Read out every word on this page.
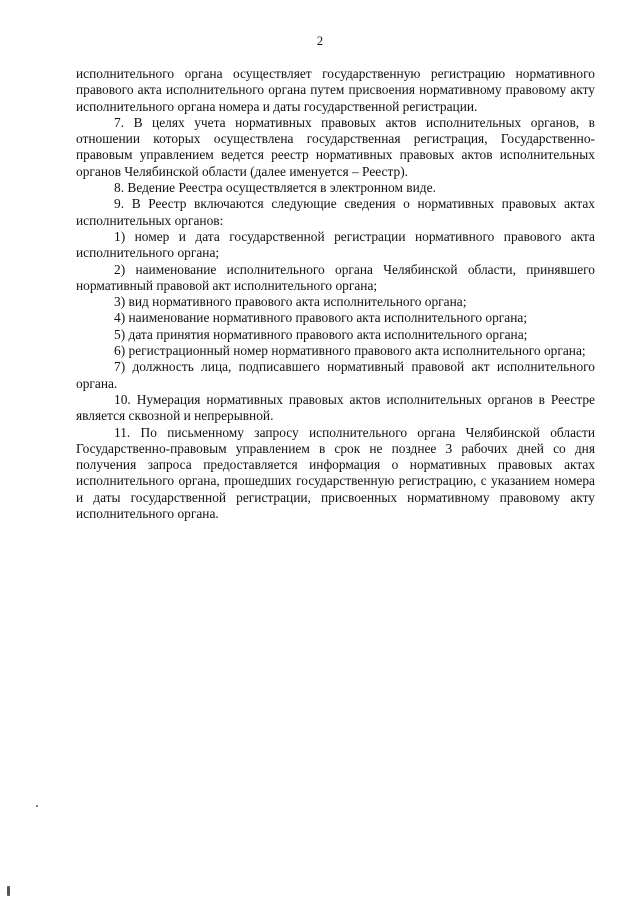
2

исполнительного органа осуществляет государственную регистрацию нормативного правового акта исполнительного органа путем присвоения нормативному правовому акту исполнительного органа номера и даты государственной регистрации.

7. В целях учета нормативных правовых актов исполнительных органов, в отношении которых осуществлена государственная регистрация, Государственно-правовым управлением ведется реестр нормативных правовых актов исполнительных органов Челябинской области (далее именуется – Реестр).

8. Ведение Реестра осуществляется в электронном виде.

9. В Реестр включаются следующие сведения о нормативных правовых актах исполнительных органов:

1) номер и дата государственной регистрации нормативного правового акта исполнительного органа;

2) наименование исполнительного органа Челябинской области, принявшего нормативный правовой акт исполнительного органа;

3) вид нормативного правового акта исполнительного органа;

4) наименование нормативного правового акта исполнительного органа;

5) дата принятия нормативного правового акта исполнительного органа;

6) регистрационный номер нормативного правового акта исполнительного органа;

7) должность лица, подписавшего нормативный правовой акт исполнительного органа.

10. Нумерация нормативных правовых актов исполнительных органов в Реестре является сквозной и непрерывной.

11. По письменному запросу исполнительного органа Челябинской области Государственно-правовым управлением в срок не позднее 3 рабочих дней со дня получения запроса предоставляется информация о нормативных правовых актах исполнительного органа, прошедших государственную регистрацию, с указанием номера и даты государственной регистрации, присвоенных нормативному правовому акту исполнительного органа.
